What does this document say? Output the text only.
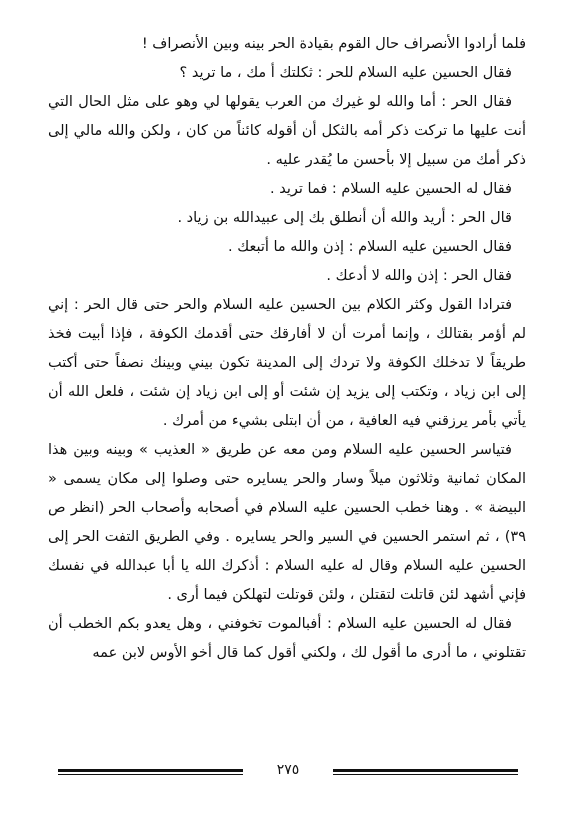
فلما أرادوا الأنصراف حال القوم بقيادة الحر بينه وبين الأنصراف !

فقال الحسين عليه السلام للحر : ثكلتك أ مك ، ما تريد ؟

فقال الحر : أما والله لو غيرك من العرب يقولها لي وهو على مثل الحال التي أنت عليها ما تركت ذكر أمه بالثكل أن أقوله كائناً من كان ، ولكن والله مالي إلى ذكر أمك من سبيل إلا بأحسن ما يُقدر عليه .

فقال له الحسين عليه السلام : فما تريد .

قال الحر : أريد والله أن أنطلق بك إلى عبيدالله بن زياد .

فقال الحسين عليه السلام : إذن والله ما أتبعك .

فقال الحر : إذن والله لا أدعك .

فترادا القول وكثر الكلام بين الحسين عليه السلام والحر حتى قال الحر : إني لم أؤمر بقتالك ، وإنما أمرت أن لا أفارقك حتى أقدمك الكوفة ، فإذا أبيت فخذ طريقاً لا تدخلك الكوفة ولا تردك إلى المدينة تكون بيني وبينك نصفاً حتى أكتب إلى ابن زياد ، وتكتب إلى يزيد إن شئت أو إلى ابن زياد إن شئت ، فلعل الله أن يأتي بأمر يرزقني فيه العافية ، من أن ابتلى بشيء من أمرك .

فتياسر الحسين عليه السلام ومن معه عن طريق « العذيب » وبينه وبين هذا المكان ثمانية وثلاثون ميلاً وسار والحر يسايره حتى وصلوا إلى مكان يسمى « البيضة » . وهنا خطب الحسين عليه السلام في أصحابه وأصحاب الحر (انظر ص ٣٩) ، ثم استمر الحسين في السير والحر يسايره . وفي الطريق التفت الحر إلى الحسين عليه السلام وقال له عليه السلام : أذكرك الله يا أبا عبدالله في نفسك فإني أشهد لئن قاتلت لتقتلن ، ولئن قوتلت لتهلكن فيما أرى .

فقال له الحسين عليه السلام : أفبالموت تخوفني ، وهل يعدو بكم الخطب أن تقتلوني ، ما أدرى ما أقول لك ، ولكني أقول كما قال أخو الأوس لابن عمه

٢٧٥
